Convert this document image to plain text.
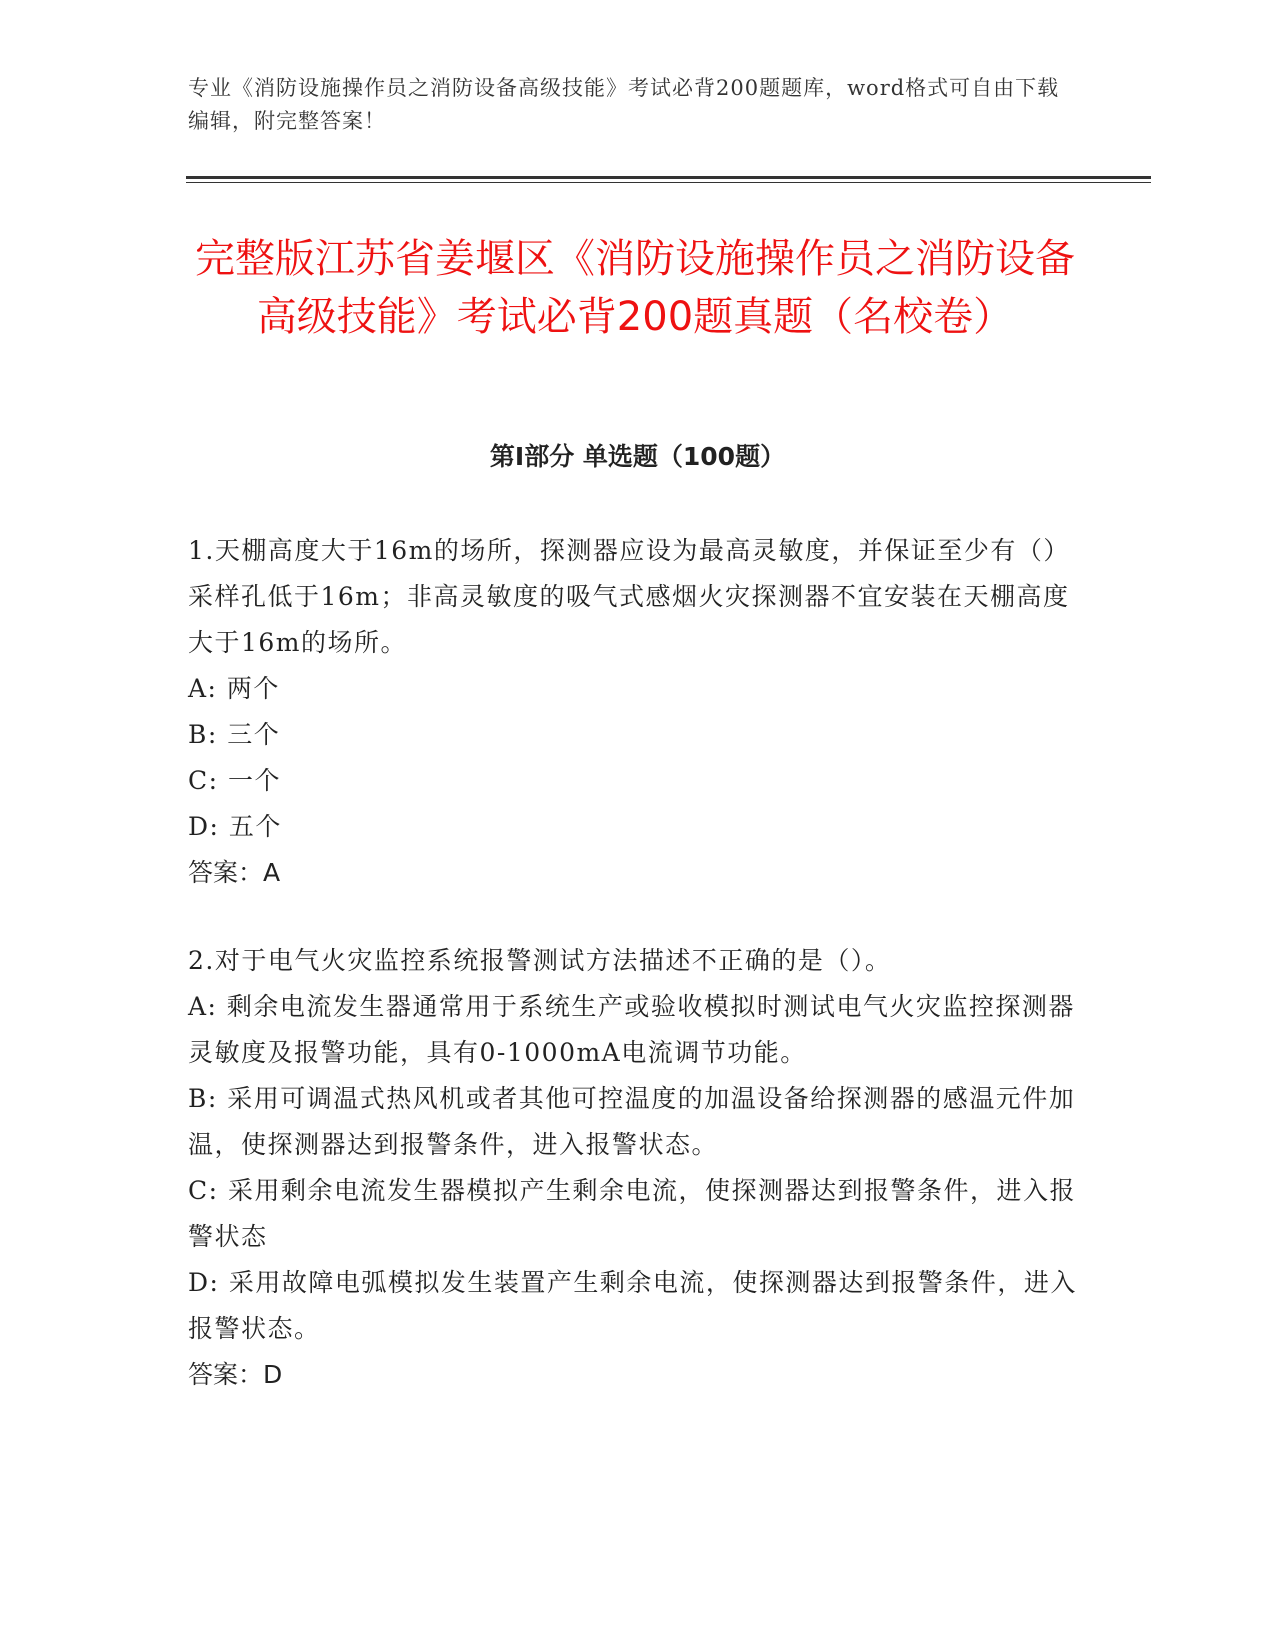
专业《消防设施操作员之消防设备高级技能》考试必背200题题库，word格式可自由下载编辑，附完整答案！

完整版江苏省姜堰区《消防设施操作员之消防设备高级技能》考试必背200题真题（名校卷）
第I部分 单选题（100题）

1.天棚高度大于16m的场所，探测器应设为最高灵敏度，并保证至少有（）采样孔低于16m；非高灵敏度的吸气式感烟火灾探测器不宜安装在天棚高度大于16m的场所。

A: 两个

B: 三个

C: 一个

D: 五个

答案：A

2.对于电气火灾监控系统报警测试方法描述不正确的是（）。

A: 剩余电流发生器通常用于系统生产或验收模拟时测试电气火灾监控探测器灵敏度及报警功能，具有0-1000mA电流调节功能。

B: 采用可调温式热风机或者其他可控温度的加温设备给探测器的感温元件加温，使探测器达到报警条件，进入报警状态。

C: 采用剩余电流发生器模拟产生剩余电流，使探测器达到报警条件，进入报警状态

D: 采用故障电弧模拟发生装置产生剩余电流，使探测器达到报警条件，进入报警状态。

答案：D
